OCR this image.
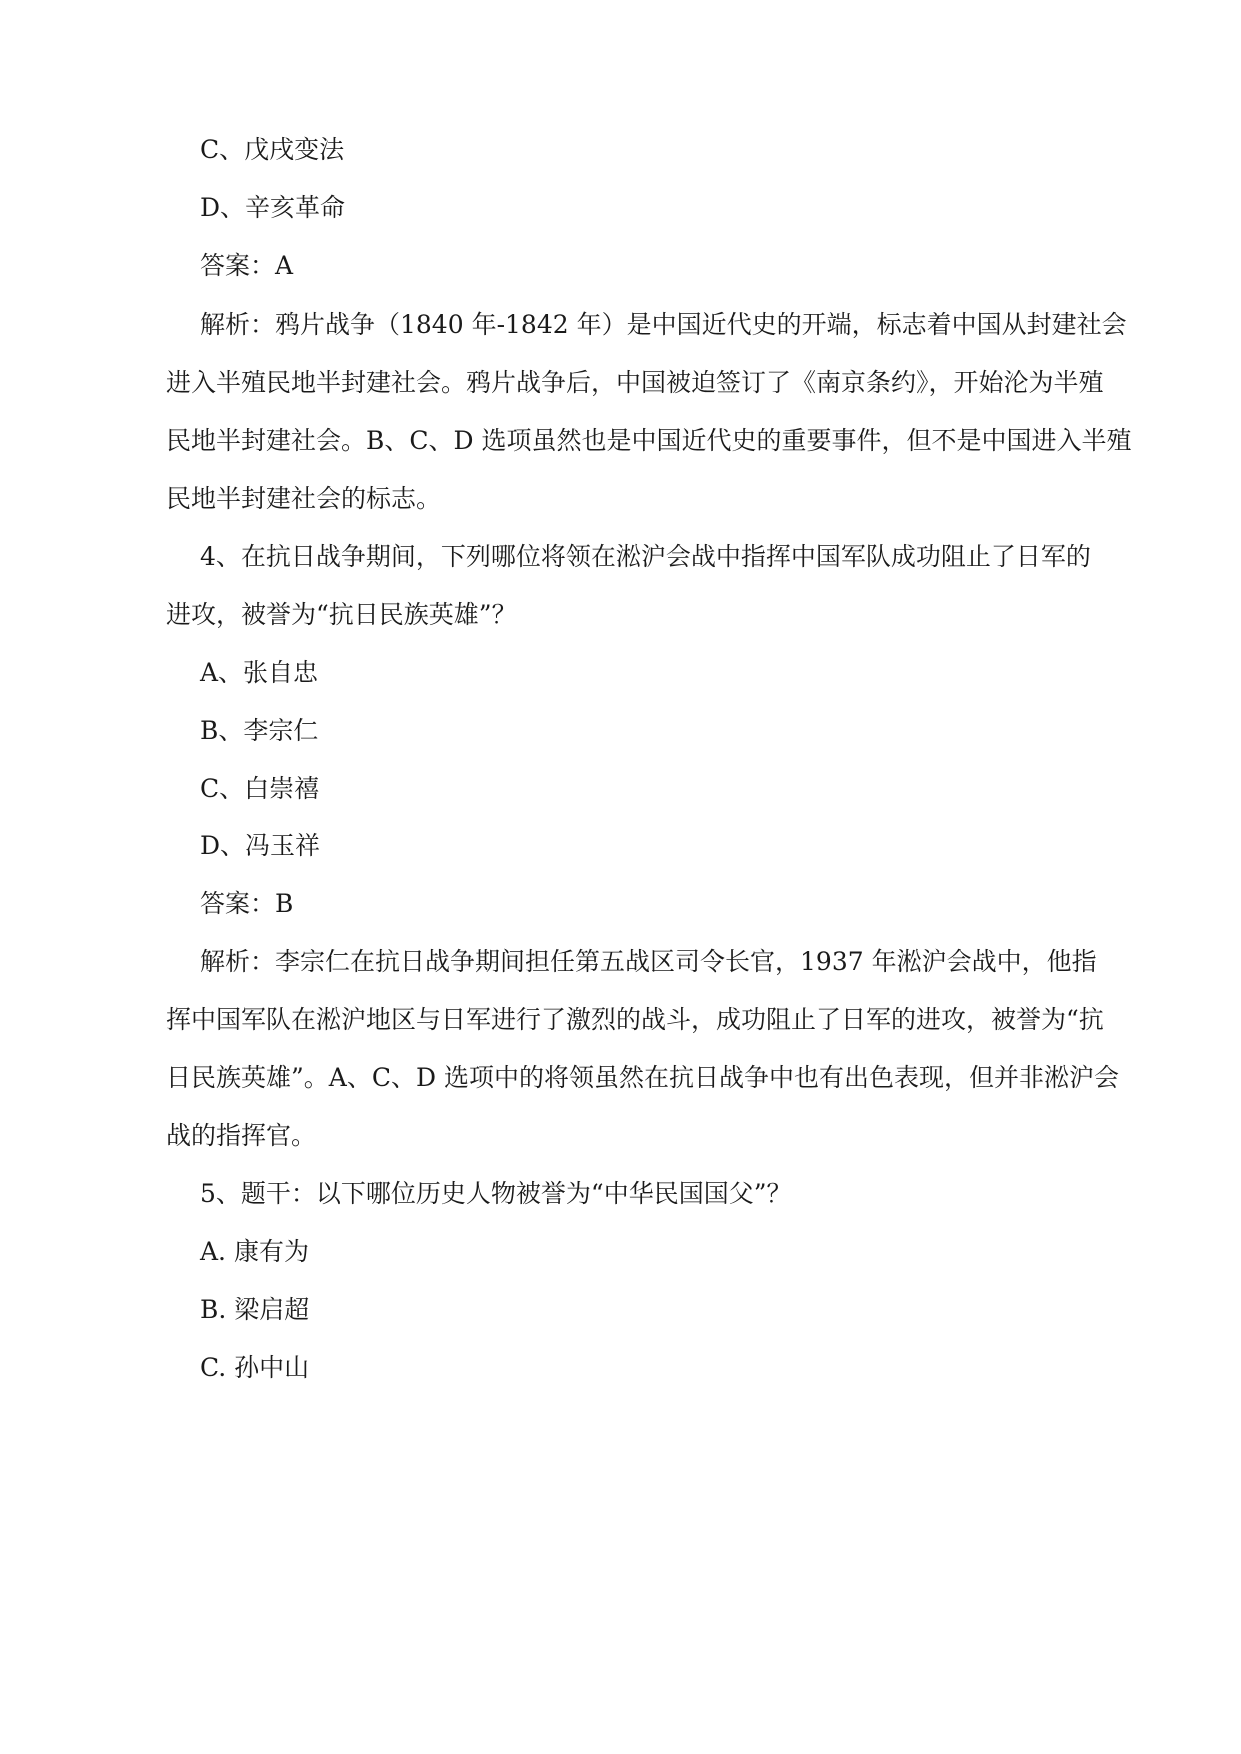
C、戊戌变法
D、辛亥革命
答案：A
解析：鸦片战争（1840 年-1842 年）是中国近代史的开端，标志着中国从封建社会
进入半殖民地半封建社会。鸦片战争后，中国被迫签订了《南京条约》，开始沦为半殖
民地半封建社会。B、C、D 选项虽然也是中国近代史的重要事件，但不是中国进入半殖
民地半封建社会的标志。
4、在抗日战争期间，下列哪位将领在淞沪会战中指挥中国军队成功阻止了日军的
进攻，被誉为“抗日民族英雄”？
A、张自忠
B、李宗仁
C、白崇禧
D、冯玉祥
答案：B
解析：李宗仁在抗日战争期间担任第五战区司令长官，1937 年淞沪会战中，他指
挥中国军队在淞沪地区与日军进行了激烈的战斗，成功阻止了日军的进攻，被誉为“抗
日民族英雄”。A、C、D 选项中的将领虽然在抗日战争中也有出色表现，但并非淞沪会
战的指挥官。
5、题干：以下哪位历史人物被誉为“中华民国国父”？
A. 康有为
B. 梁启超
C. 孙中山
